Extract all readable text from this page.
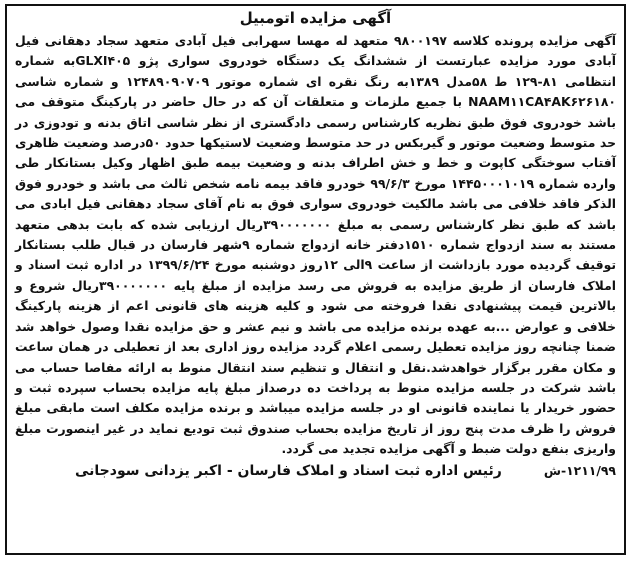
آگهی مزایده اتومبیل

آگهی مزایده پرونده کلاسه ۹۸۰۰۱۹۷ متعهد له مهسا سهرابی فیل آبادی متعهد سجاد دهقانی فیل آبادی مورد مزایده عبارتست از ششدانگ یک دستگاه خودروی سواری پژو GLXI۴۰۵به شماره انتظامی ۸۱-۱۲۹ ط ۵۸مدل ۱۳۸۹به رنگ نقره ای شماره موتور ۱۲۴۸۹۰۹۰۷۰۹ و شماره شاسی NAAM۱۱CA۴AK۶۲۶۱۸۰ با جمیع ملزمات و متعلقات آن که در حال حاضر در پارکینگ متوقف می باشد خودروی فوق طبق نظریه کارشناس رسمی دادگستری از نظر شاسی اتاق بدنه و تودوزی در حد متوسط وضعیت موتور و گیربکس در حد متوسط وضعیت لاستیکها حدود ۵۰درصد وضعیت ظاهری آفتاب سوختگی کاپوت و خط و خش اطراف بدنه و وضعیت بیمه طبق اظهار وکیل بستانکار طی وارده شماره ۱۴۴۵۰۰۰۱۰۱۹ مورخ ۹۹/۶/۳ خودرو فاقد بیمه نامه شخص ثالث می باشد و خودرو فوق الذکر فاقد خلافی می باشد مالکیت خودروی سواری فوق به نام آقای سجاد دهقانی فیل ابادی می باشد که طبق نظر کارشناس رسمی به مبلغ ۳۹۰۰۰۰۰۰۰ریال ارزیابی شده که بابت بدهی متعهد مستند به سند ازدواج شماره ۱۵۱۰دفتر خانه ازدواج شماره ۹شهر فارسان در قبال طلب بستانکار توقیف گردیده مورد بازداشت از ساعت ۹الی ۱۲روز دوشنبه مورخ ۱۳۹۹/۶/۲۴ در اداره ثبت اسناد و املاک فارسان از طریق مزایده به فروش می رسد مزایده از مبلغ پایه ۳۹۰۰۰۰۰۰۰ریال شروع و بالاترین قیمت پیشنهادی نقدا فروخته می شود و کلیه هزینه های قانونی اعم از هزینه پارکینگ خلافی و عوارض ...به عهده برنده مزایده می باشد و نیم عشر و حق مزایده نقدا وصول خواهد شد ضمنا چنانچه روز مزایده تعطیل رسمی اعلام گردد مزایده روز اداری بعد از تعطیلی در همان ساعت و مکان مقرر برگزار خواهدشد.نقل و انتقال و تنظیم سند انتقال منوط به ارائه مفاصا حساب می باشد شرکت در جلسه مزایده منوط به پرداخت ده درصداز مبلغ پایه مزایده بحساب سپرده ثبت و حضور خریدار یا نماینده قانونی او در جلسه مزایده میباشد و برنده مزایده مکلف است مابقی مبلغ فروش را ظرف مدت پنج روز از تاریخ مزایده بحساب صندوق ثبت تودیع نماید در غیر اینصورت مبلغ واریزی بنفع دولت ضبط و آگهی مزایده تجدید می گردد.

۱۲۱۱/۹۹-ش
رئیس اداره ثبت اسناد و املاک فارسان - اکبر یزدانی سودجانی
